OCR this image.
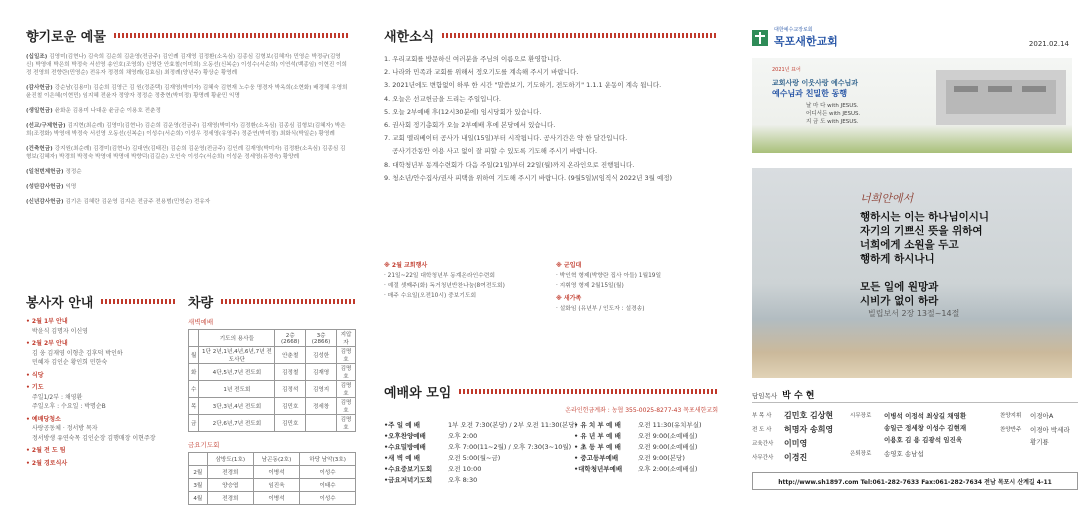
향기로운 예물

(십일조) 김영미(김현나) 김숙희 김순희 김운영(전금주) 김인례 김재영 김정환(소옥심) 김종심 김형보(김혜자) 민영순 박정규(김영신) 박영애 박은희 박정숙 서선영 송인호(조영희) 신영란 안효철(이미희) 오동선(신복순) 이성수(서순희) 이연석(백종임) 이현진 이희정 전영희 전향란(민영순) 전유자 정경희 채영례(김효심) 최정례(양년주) 황상순 황영례

(감사헌금) 강순남(김용미) 김순희 김영근 김 원(정준택) 김재영(박미자) 김혜숙 김현재 노수웅 명경자 박옥희(소현화) 배경혜 우영희 윤진철 이은혜(이현민) 임지혜 전윤자 정양자 정정순 정충현(박미정) 황명례 황윤민 익명

(생일헌금) 윤화운 김용미 나대운 윤금순 이용호 전춘정

(선교/구제헌금) 김지현(최순례) 김영미(김현나) 김순희 김운영(전금주) 김재영(박미자) 김정환(소옥심) 김종심 김형보(김혜자) 박은희(조정화) 박영애 박정숙 서선영 오동선(신복순) 이성수(서순희) 이성우 정세영(유영주) 정준연(박미정) 최화식(박일순) 황영례

(건축헌금) 강지원(최순례) 김경미(김현나) 김대연(김태진) 김순희 김운영(전금주) 김인례 김재영(박미자) 김정환(소옥심) 김종심 김형보(김혜자) 박경희 박정숙 박영애 박명애 박향덕(김길순) 오인숙 이성수(서순희) 이성운 정세영(유경숙) 황양례

(일천번제헌금) 정정순

(성탄감사헌금) 익명

(신년감사헌금) 김기은 김혜란 김운영 김지은 전금주 전용범(민영순) 전유자

봉사자 안내
• 2월 1부 안내
박윤식 김명자 이신영
• 2월 2부 안내
김 웅 김재영 이형춘 김후덕 박인하
민혜자 김인순 황인희 민한숙
• 식당
• 기도
주일1/2부 : 채영환
주일오후 : 수요일 : 박명순B
• 예배당청소
사랑공동체 · 정서방 목자
정서방생 유연숙목 김인순장 김행매장 이현주장
• 2월 전 도 팀
• 2월 경로식사
차량
새벽예배
	기도의 용사들	2층(2668)	3층(2866)	지압자
월	1단 2년,1년,4년,6년,7년 전도사단	안춘철	김성한	김명호
화	4단,5년,7년 전도회	김정철	김재영	김명호
수	1년 전도회	김정석	김영지	김명호
목	3단,3년,4년 전도회	김민호	정세창	김명호
금	2단,6년,7년 전도회	김민호		김명호
금요기도회
	삼방도(1호)	남곤동(2호)	하당 남악(3호)
2월	전경희	이병석	이성수
3월	양승엽	임진욱	이태수
4월	전경희	이병석	이성수
새한소식
1. 우리교회를 방문하신 여러분을 주님의 이름으로 환영합니다.
2. 나라와 민족과 교회를 위해서 정오기도를 계속해 주시기 바랍니다.
3. 2021년에도 변함없이 하루 한 시간 "말씀보기, 기도하기, 전도하기" 1.1.1 운동이 계속 됩니다.
4. 오늘은 선교헌금을 드리는 주일입니다.
5. 오늘 2부예배 후(12시30분에) 임시당회가 있습니다.
6. 권사회 정기총회가 오늘 2부예배 후에 본당에서 있습니다.
7. 교회 멜리베이터 공사가 내일(15일)부터 시작됩니다. 공사기간은 약 한 달간입니다.
공사기간동안 이용 사고 없이 잘 피할 수 있도록 기도해 주시기 바랍니다.
8. 대학청년부 동계수련회가 다음 주일(21일)부터 22일(월)까지 온라인으로 진행됩니다.
9. 청소년/안수집사/권사 피택을 위하여 기도해 주시기 바랍니다. (9월5일)/(임직식 2022년 3월 예정)
※ 2월 교회행사
· 21일~22일 대학청년부 동계온라인수련회
· 예절 셋째주(화) 독거청년반찬나눔(8여전도회)
· 매주 수요일(오전10시) 중보기도회
※ 군입대
· 박인혁 형제(박향란 집사 아들) 1월19일
· 지휘영 형제 2월15일(월)
※ 새가족
· 설화임 (유년부 / 인도자 : 설경송)
예배와 모임
온라인헌금계좌 : 농협 355-0025-8277-43 목포새한교회
•주 일 예 배	1부 오전 7:30(본당) / 2부 오전 11:30(본당)
•오후찬양예배	오후 2:00
•수요밀방예배	오후 7:00(11~2월) / 오후 7:30(3~10월)
•새 벽 예 배	오전 5:00(월~금)
•수요중보기도회	오전 10:00
•금요저녁기도회	오후 8:30
• 유 치 부 예 배	오전 11:30(유치부실)
• 유 년 부 예 배	오전 9:00(소예배실)
• 초 등 부 예 배	오전 9:00(소예배실)
• 중고등부예배	오전 9:00(본당)
•대학청년부예배	오후 2:00(소예배실)
대한예수교장로회
목포새한교회	2021.02.14
2021년 표어
교회사랑 이웃사랑 예수님과
예수님과 친밀한 동행
날 마 다 with JESUS.
어디서든 with JESUS.
지 금 도 with JESUS.
너희안에서
행하시는 이는 하나님이시니
자기의 기쁘신 뜻을 위하여
너희에게 소원을 두고
행하게 하시나니
모든 일에 원망과
시비가 없이 하라
빌립보서 2장 13절~14절
담임목사 박 수 현
부 목 사	김민호 김상현
전 도 사	허명자 송희영
교육간사	이미영
사무간사	이경진
시무장로	이병석 이정석 최상길 채영환
송일근 정세창 이성수 김현재
이용호 김 용 김광석 임진욱
은퇴장로	송영호 송남섭
찬양지휘	이경아A
찬양반주	이경아 박세라
황기룡
http://www.sh1897.com Tel:061-282-7633 Fax:061-282-7634 전남 목포시 산계길 4-11
